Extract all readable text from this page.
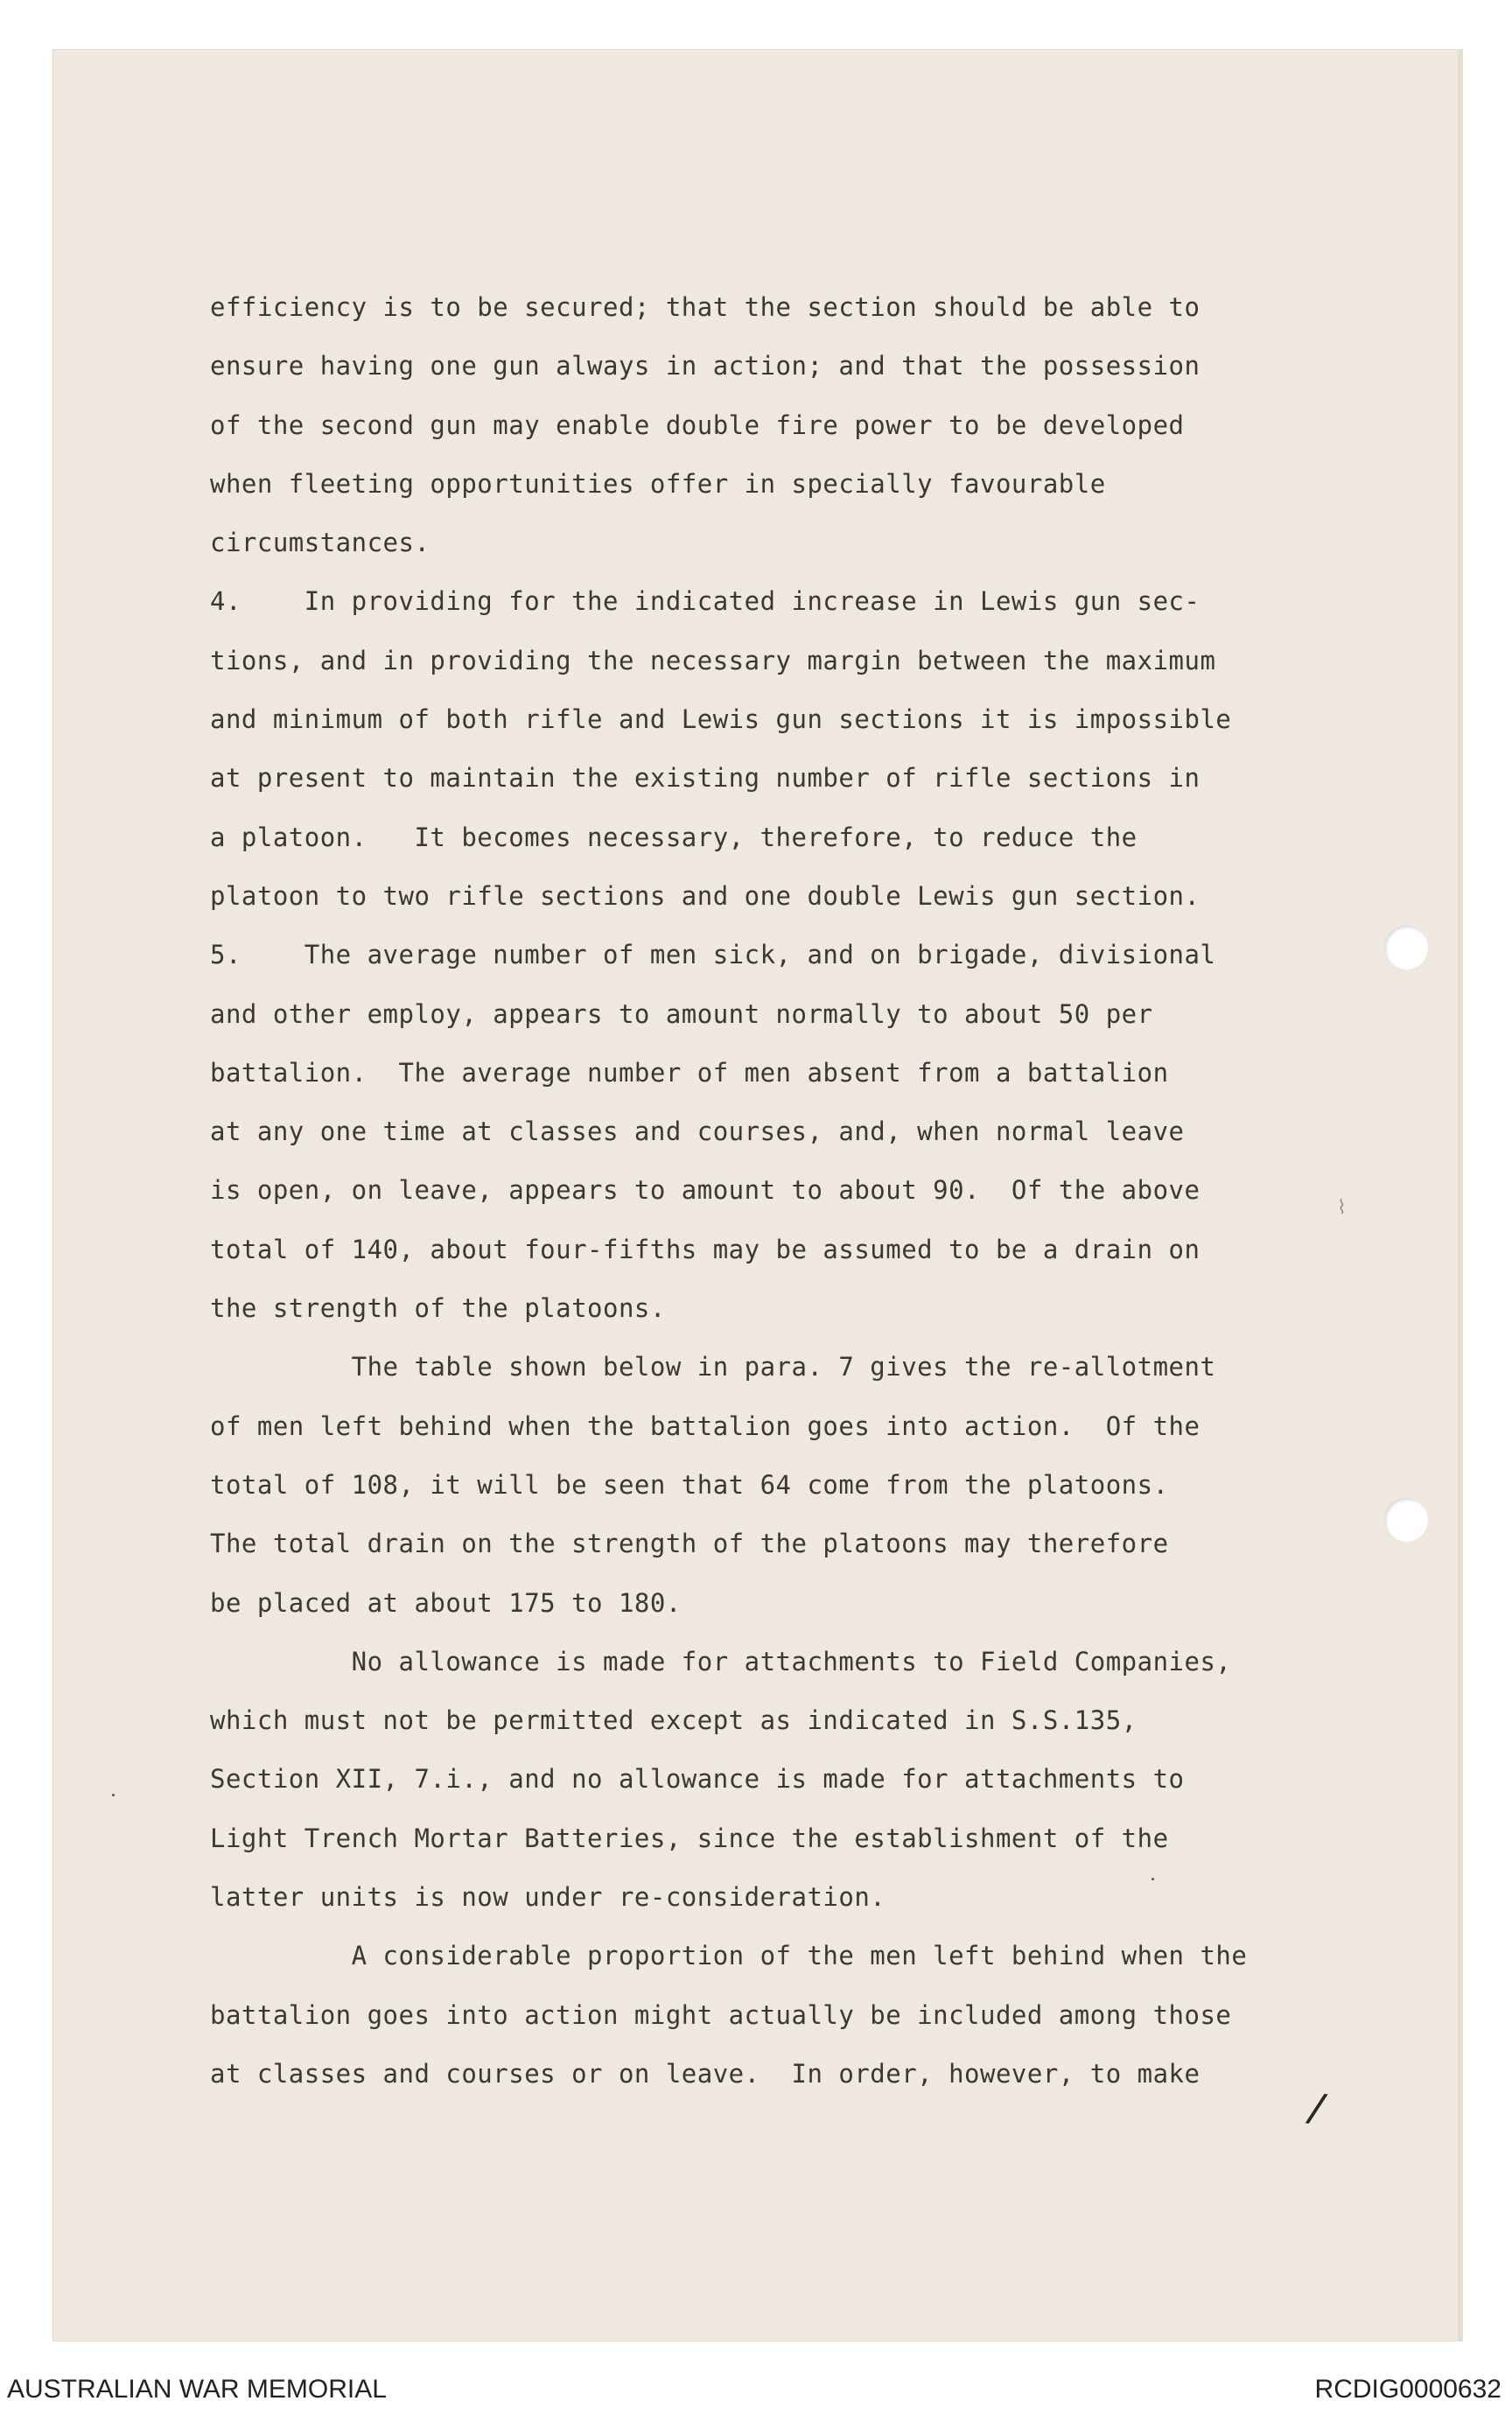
efficiency is to be secured; that the section should be able to
ensure having one gun always in action; and that the possession
of the second gun may enable double fire power to be developed
when fleeting opportunities offer in specially favourable
circumstances.
4.    In providing for the indicated increase in Lewis gun sec-
tions, and in providing the necessary margin between the maximum
and minimum of both rifle and Lewis gun sections it is impossible
at present to maintain the existing number of rifle sections in
a platoon.   It becomes necessary, therefore, to reduce the
platoon to two rifle sections and one double Lewis gun section.
5.    The average number of men sick, and on brigade, divisional
and other employ, appears to amount normally to about 50 per
battalion.  The average number of men absent from a battalion
at any one time at classes and courses, and, when normal leave
is open, on leave, appears to amount to about 90.  Of the above
total of 140, about four-fifths may be assumed to be a drain on
the strength of the platoons.
The table shown below in para. 7 gives the re-allotment
of men left behind when the battalion goes into action.  Of the
total of 108, it will be seen that 64 come from the platoons.
The total drain on the strength of the platoons may therefore
be placed at about 175 to 180.
No allowance is made for attachments to Field Companies,
which must not be permitted except as indicated in S.S.135,
Section XII, 7.i., and no allowance is made for attachments to
Light Trench Mortar Batteries, since the establishment of the
latter units is now under re-consideration.
A considerable proportion of the men left behind when the
battalion goes into action might actually be included among those
at classes and courses or on leave.  In order, however, to make
/
⌇
AUSTRALIAN WAR MEMORIAL	RCDIG0000632
